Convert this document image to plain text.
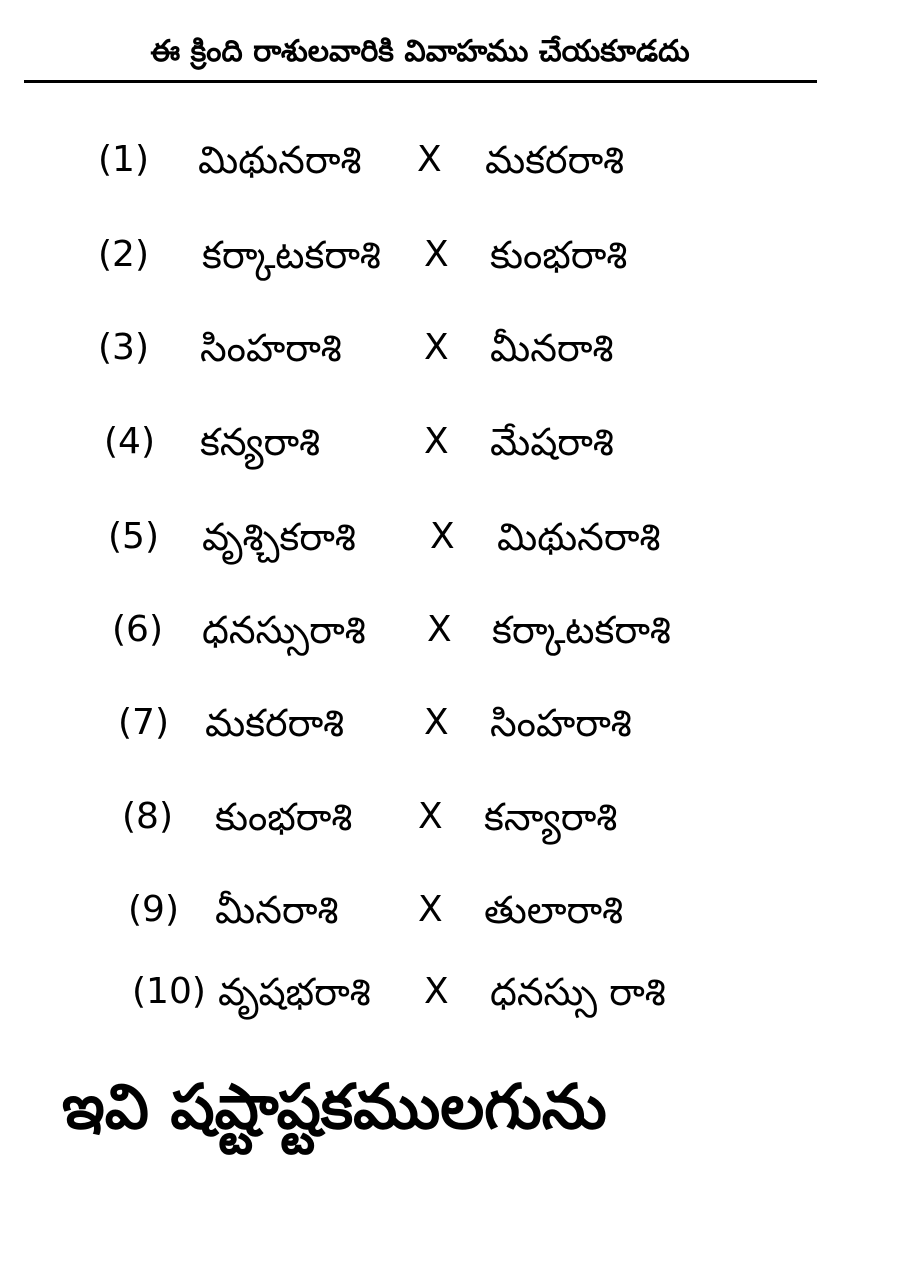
ఈ క్రింది రాశులవారికి వివాహము చేయకూడదు
(1) మిథునరాశి X మకరరాశి
(2) కర్కాటకరాశి X కుంభరాశి
(3) సింహరాశి X మీనరాశి
(4) కన్యరాశి	X మేషరాశి
(5) వృశ్చికరాశి X మిథునరాశి
(6) ధనస్సురాశి X కర్కాటకరాశి
(7) మకరరాశి X సింహరాశి
(8) కుంభరాశి X కన్యారాశి
(9) మీనరాశి X తులారాశి
(10) వృషభరాశి X ధనస్సు రాశి
ఇవి షష్టాష్టకములగును
